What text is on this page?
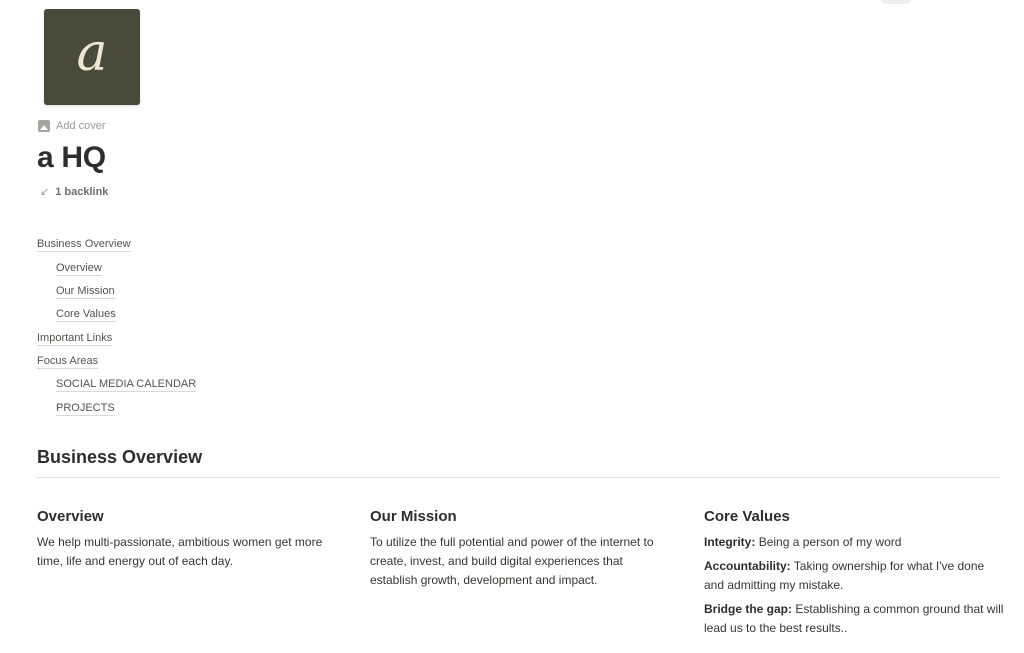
a
Add cover
a HQ
↙ 1 backlink
Business Overview
Overview
Our Mission
Core Values
Important Links
Focus Areas
SOCIAL MEDIA CALENDAR
PROJECTS
Business Overview
Overview
We help multi-passionate, ambitious women get more time, life and energy out of each day.
Our Mission
To utilize the full potential and power of the internet to create, invest, and build digital experiences that establish growth, development and impact.
Core Values
Integrity: Being a person of my word
Accountability: Taking ownership for what I've done and admitting my mistake.
Bridge the gap: Establishing a common ground that will lead us to the best results..
